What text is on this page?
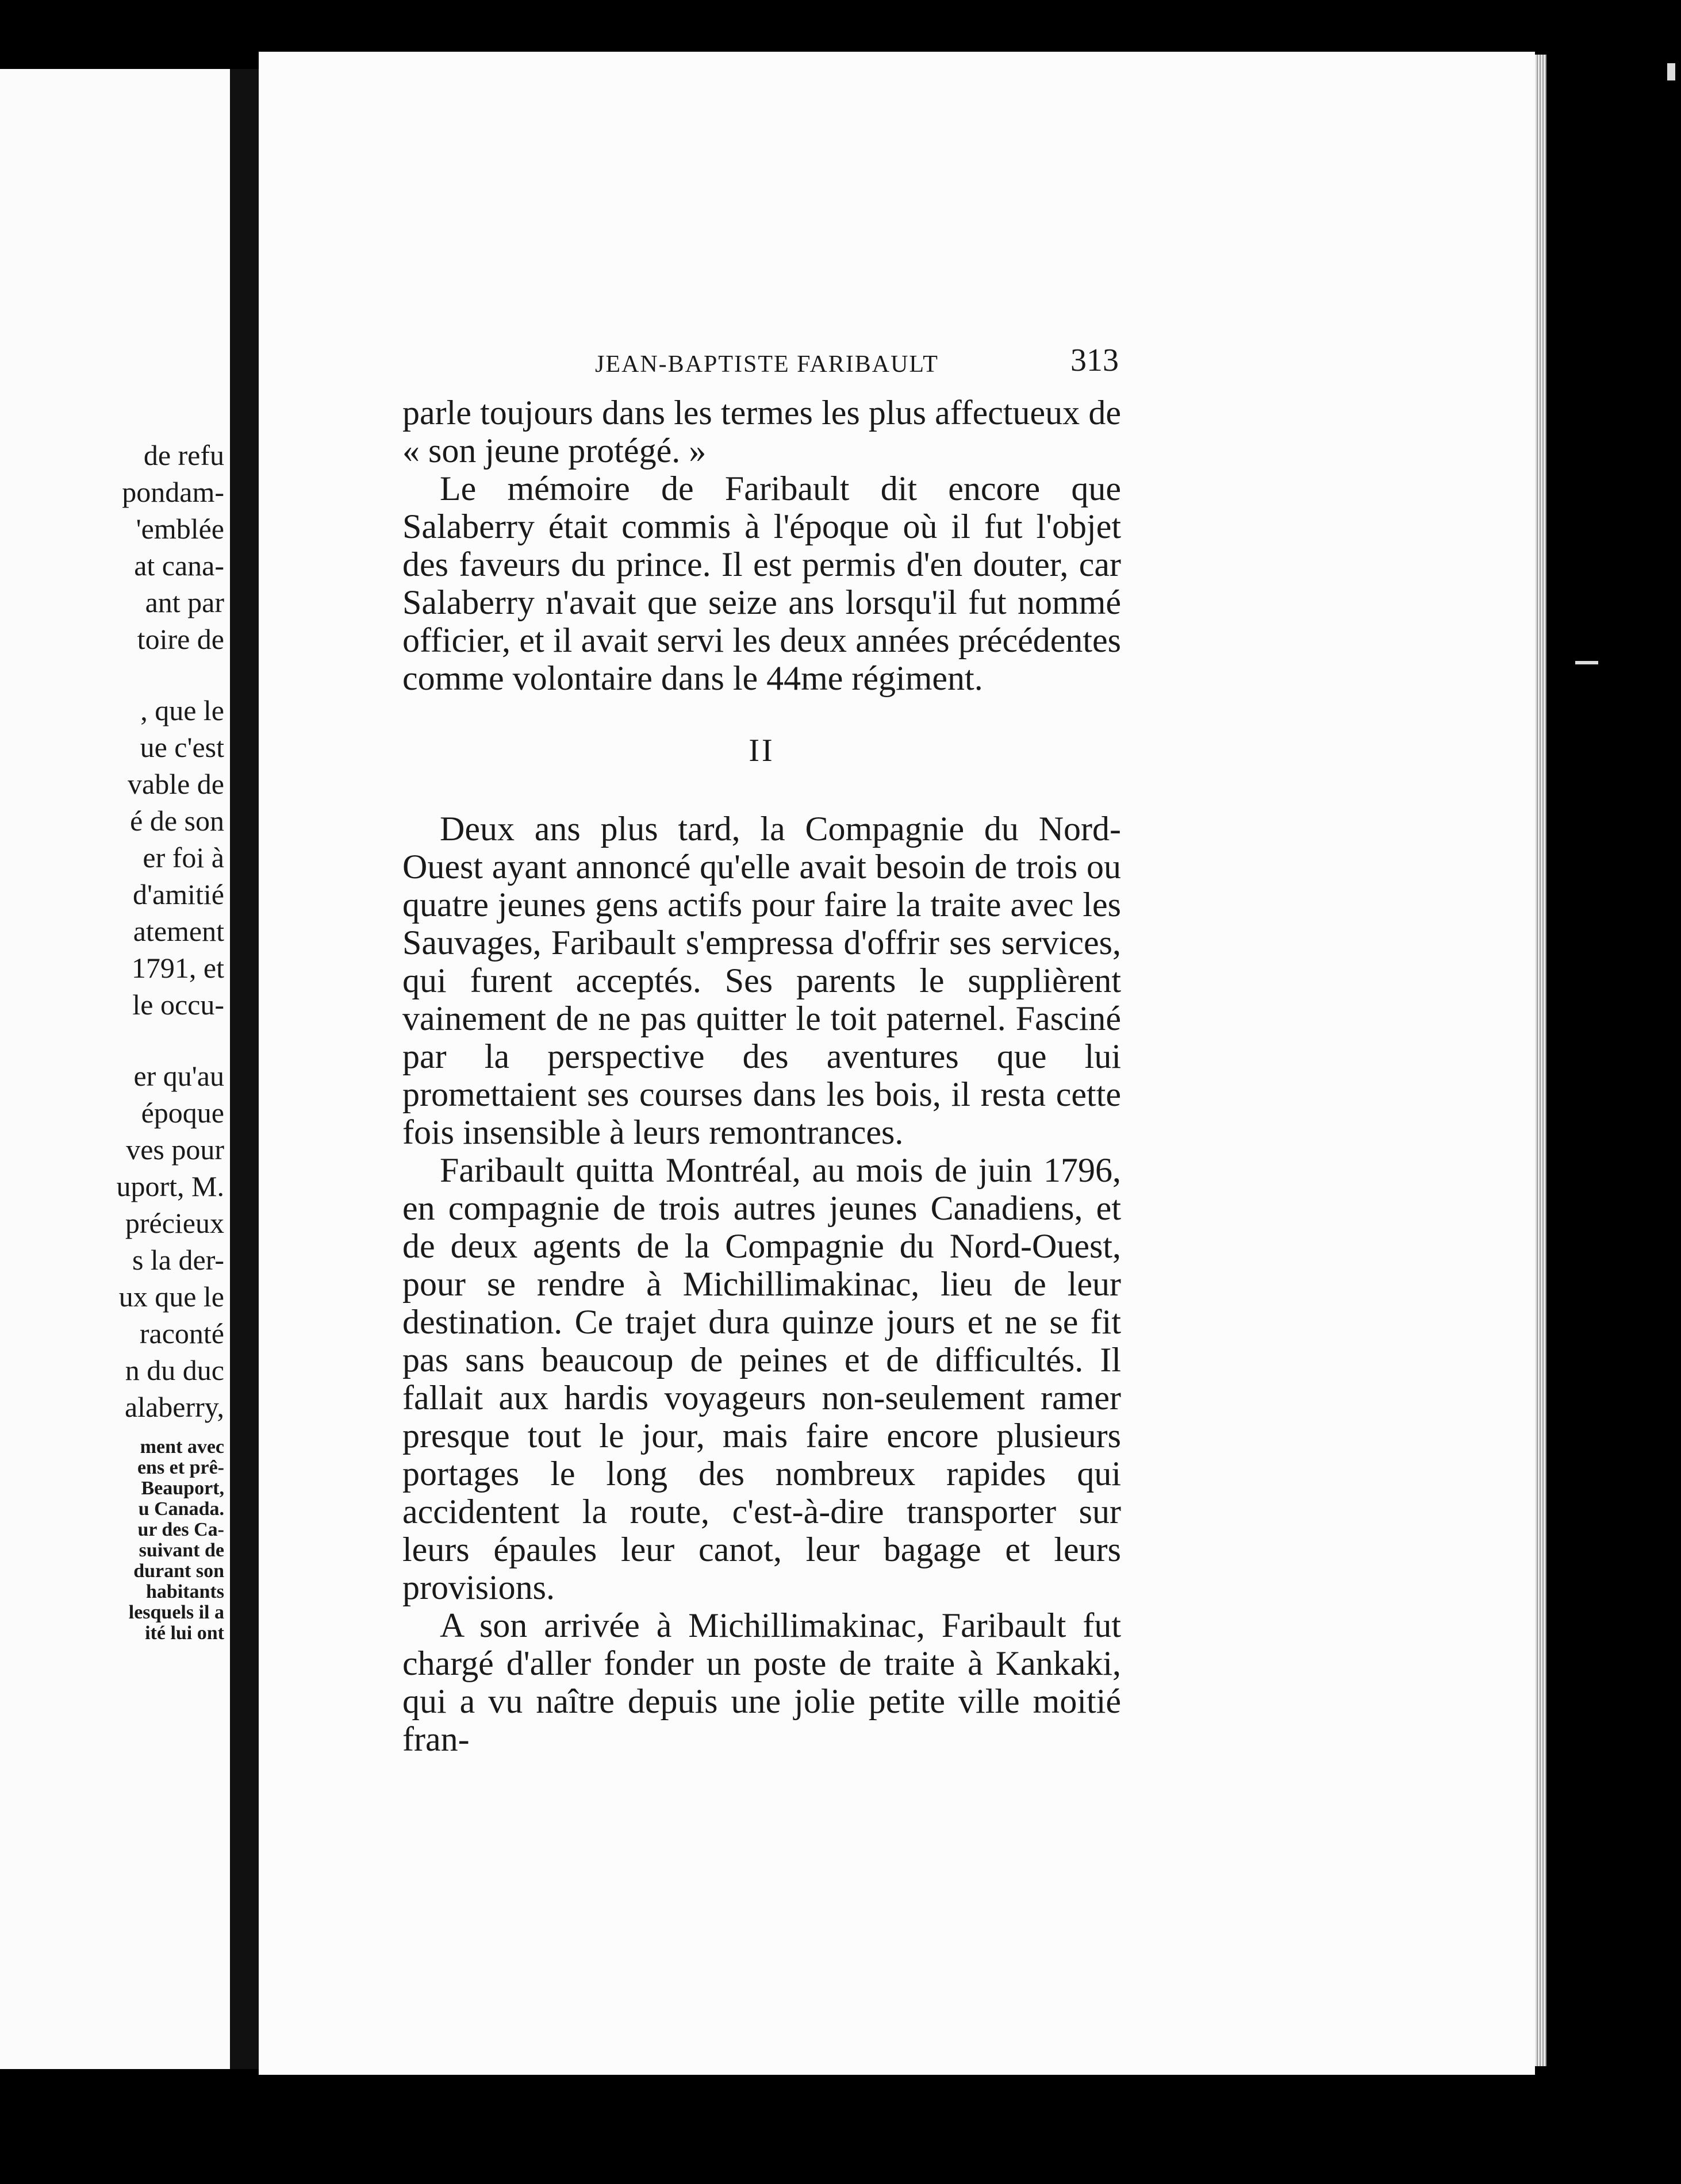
de refu
pondam-
'emblée
at cana-
ant par
toire de
, que le
ue c'est
vable de
é de son
er foi à
d'amitié
atement
1791, et
le occu-
er qu'au
époque
ves pour
uport, M.
précieux
s la der-
ux que le
raconté
n du duc
alaberry,
ment avec
ens et prê-
Beauport,
u Canada.
ur des Ca-
suivant de
durant son
habitants
lesquels il a
ité lui ont
JEAN-BAPTISTE FARIBAULT	313

parle toujours dans les termes les plus affectueux de « son jeune protégé. »

Le mémoire de Faribault dit encore que Salaberry était commis à l'époque où il fut l'objet des faveurs du prince. Il est permis d'en douter, car Salaberry n'avait que seize ans lorsqu'il fut nommé officier, et il avait servi les deux années précédentes comme volontaire dans le 44me régiment.

II

Deux ans plus tard, la Compagnie du Nord-Ouest ayant annoncé qu'elle avait besoin de trois ou quatre jeunes gens actifs pour faire la traite avec les Sauvages, Faribault s'empressa d'offrir ses services, qui furent acceptés. Ses parents le supplièrent vainement de ne pas quitter le toit paternel. Fasciné par la perspective des aventures que lui promettaient ses courses dans les bois, il resta cette fois insensible à leurs remontrances.

Faribault quitta Montréal, au mois de juin 1796, en compagnie de trois autres jeunes Canadiens, et de deux agents de la Compagnie du Nord-Ouest, pour se rendre à Michillimakinac, lieu de leur destination. Ce trajet dura quinze jours et ne se fit pas sans beaucoup de peines et de difficultés. Il fallait aux hardis voyageurs non-seulement ramer presque tout le jour, mais faire encore plusieurs portages le long des nombreux rapides qui accidentent la route, c'est-à-dire transporter sur leurs épaules leur canot, leur bagage et leurs provisions.

A son arrivée à Michillimakinac, Faribault fut chargé d'aller fonder un poste de traite à Kankaki, qui a vu naître depuis une jolie petite ville moitié fran-
